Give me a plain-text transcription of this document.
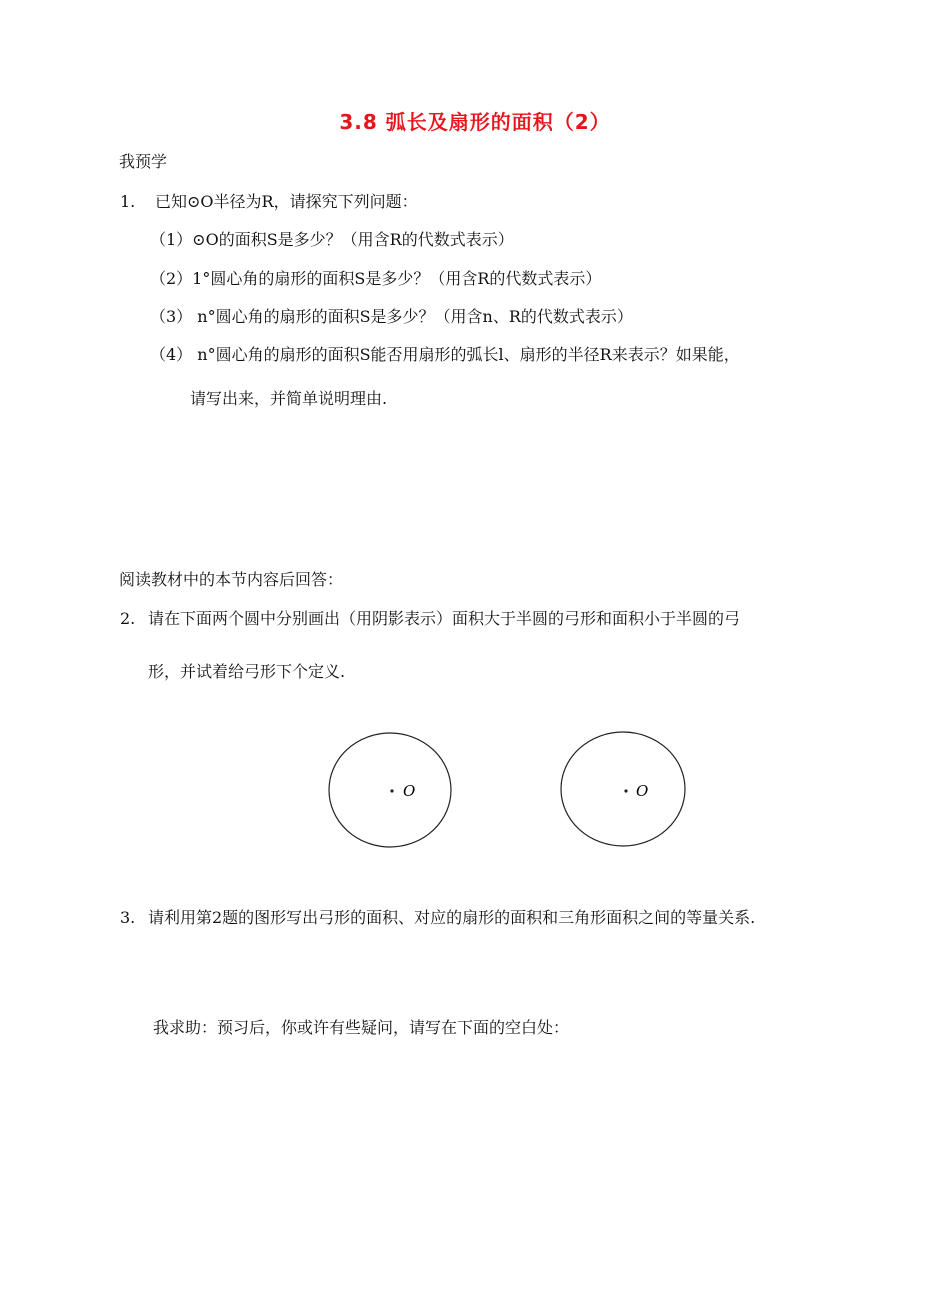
3.8 弧长及扇形的面积（2）
我预学
1. 已知⊙O半径为R，请探究下列问题：
（1）⊙O的面积S是多少？（用含R的代数式表示）
（2）1°圆心角的扇形的面积S是多少？（用含R的代数式表示）
（3） n°圆心角的扇形的面积S是多少？（用含n、R的代数式表示）
（4） n°圆心角的扇形的面积S能否用扇形的弧长l、扇形的半径R来表示？如果能，
请写出来，并简单说明理由.
阅读教材中的本节内容后回答：
2. 请在下面两个圆中分别画出（用阴影表示）面积大于半圆的弓形和面积小于半圆的弓
形，并试着给弓形下个定义.
O	O
3. 请利用第2题的图形写出弓形的面积、对应的扇形的面积和三角形面积之间的等量关系.
我求助：预习后，你或许有些疑问，请写在下面的空白处：
